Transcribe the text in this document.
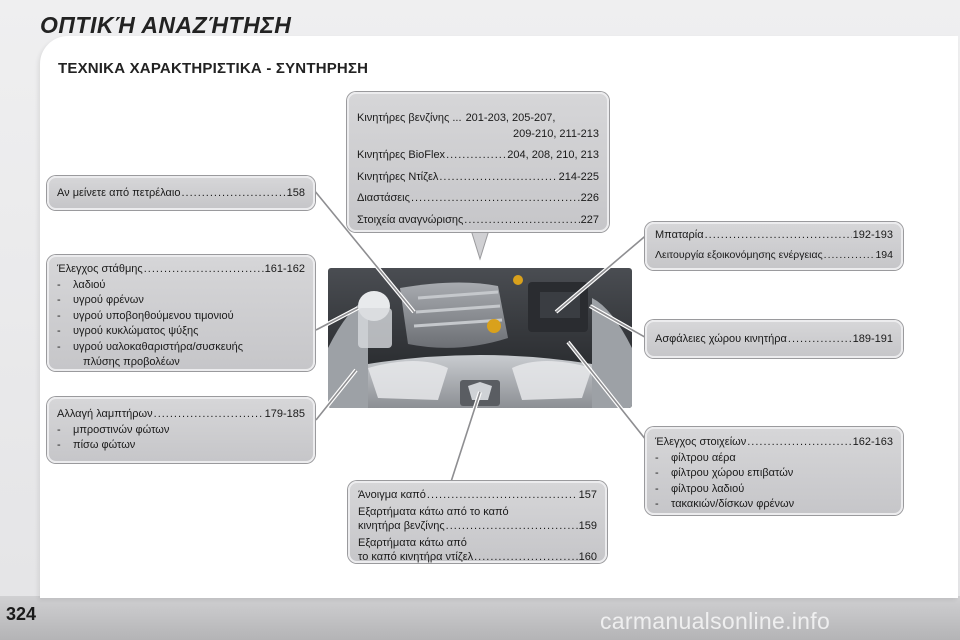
ΟΠΤΙΚΉ ΑΝΑΖΉΤΗΣΗ
ΤΕΧΝΙΚΑ ΧΑΡΑΚΤΗΡΙΣΤΙΚΑ - ΣΥΝΤΗΡΗΣΗ
Κινητήρες βενζίνης ... 201-203, 205-207,
209-210, 211-213
Κινητήρες BioFlex .....	204, 208, 210, 213
Κινητήρες Ντίζελ .....	214-225
Διαστάσεις .....	226
Στοιχεία αναγνώρισης .....	227
Αν μείνετε από πετρέλαιο .....	158
Έλεγχος στάθμης .....	161-162
-	λαδιού
-	υγρού φρένων
-	υγρού υποβοηθούμενου τιμονιού
-	υγρού κυκλώματος ψύξης
-	υγρού υαλοκαθαριστήρα/συσκευής
πλύσης προβολέων
Αλλαγή λαμπτήρων .....	179-185
-	μπροστινών φώτων
-	πίσω φώτων
Μπαταρία .....	192-193
Λειτουργία εξοικονόμησης ενέργειας .....	194
Ασφάλειες χώρου κινητήρα .....	189-191
Έλεγχος στοιχείων .....	162-163
-	φίλτρου αέρα
-	φίλτρου χώρου επιβατών
-	φίλτρου λαδιού
-	τακακιών/δίσκων φρένων
Άνοιγμα καπό .....	157
Εξαρτήματα κάτω από το καπό
κινητήρα βενζίνης .....	159
Εξαρτήματα κάτω από
το καπό κινητήρα ντίζελ .....	160
324	carmanualsonline.info
